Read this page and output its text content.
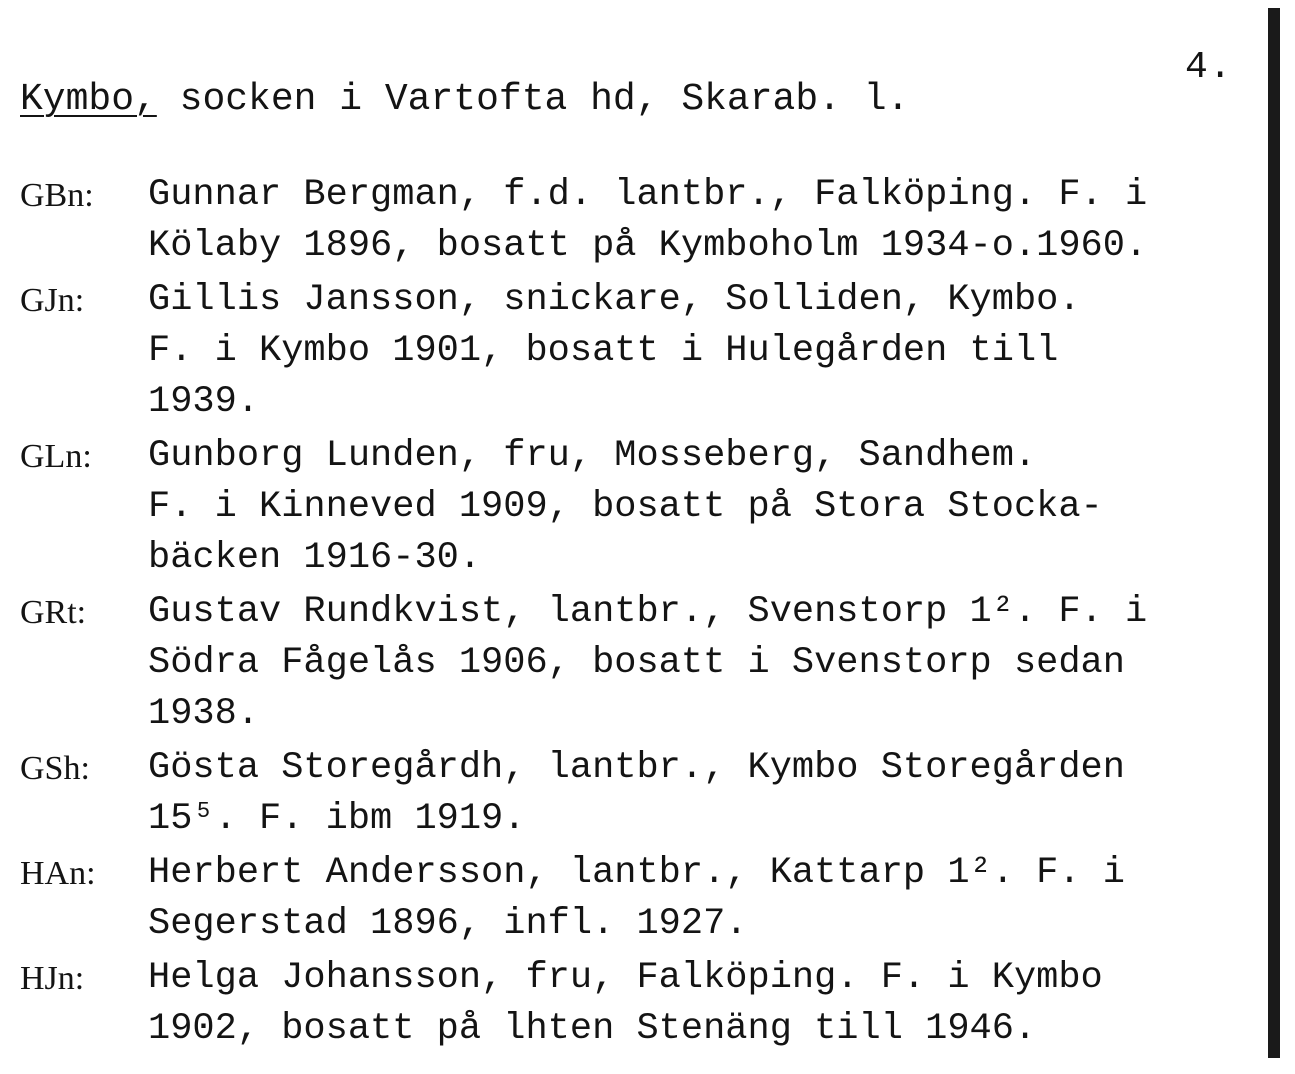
4.
Kymbo, socken i Vartofta hd, Skarab. l.
GBn:	Gunnar Bergman, f.d. lantbr., Falköping. F. i
Kölaby 1896, bosatt på Kymboholm 1934-o.1960.
GJn:	Gillis Jansson, snickare, Solliden, Kymbo.
F. i Kymbo 1901, bosatt i Hulegården till
1939.
GLn:	Gunborg Lunden, fru, Mosseberg, Sandhem.
F. i Kinneved 1909, bosatt på Stora Stocka-
bäcken 1916-30.
GRt:	Gustav Rundkvist, lantbr., Svenstorp 1². F. i
Södra Fågelås 1906, bosatt i Svenstorp sedan
1938.
GSh:	Gösta Storegårdh, lantbr., Kymbo Storegården
15⁵. F. ibm 1919.
HAn:	Herbert Andersson, lantbr., Kattarp 1². F. i
Segerstad 1896, infl. 1927.
HJn:	Helga Johansson, fru, Falköping. F. i Kymbo
1902, bosatt på lhten Stenäng till 1946.
